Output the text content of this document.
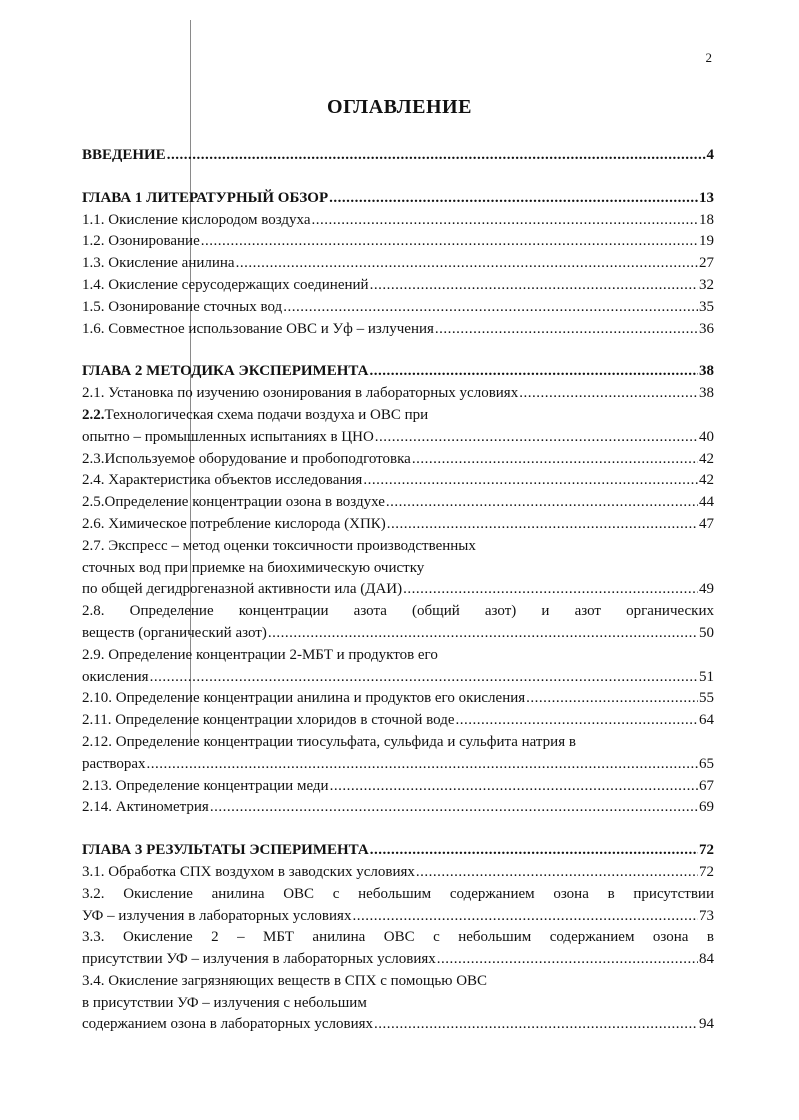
2
ОГЛАВЛЕНИЕ
ВВЕДЕНИЕ .....	4
ГЛАВА 1 ЛИТЕРАТУРНЫЙ ОБЗОР .....	13
1.1. Окисление кислородом воздуха .....	18
1.2. Озонирование .....	19
1.3. Окисление анилина .....	27
1.4. Окисление серусодержащих соединений .....	32
1.5. Озонирование сточных вод .....	35
1.6. Совместное использование ОВС и Уф – излучения .....	36
ГЛАВА 2 МЕТОДИКА ЭКСПЕРИМЕНТА .....	38
2.1. Установка по изучению озонирования в лабораторных условиях .....	38
2.2.Технологическая схема подачи воздуха и ОВС при
опытно – промышленных испытаниях в ЦНО .....	40
2.3.Используемое оборудование и пробоподготовка .....	42
2.4. Характеристика объектов исследования .....	42
2.5.Определение концентрации озона в воздухе .....	44
2.6. Химическое потребление кислорода (ХПК) .....	47
2.7. Экспресс – метод оценки токсичности производственных
сточных вод при приемке на биохимическую очистку
по общей дегидрогеназной активности ила (ДАИ) .....	49
2.8. Определение концентрации азота (общий азот) и азот органических
веществ (органический азот) .....	50
2.9. Определение концентрации 2-МБТ и продуктов его
окисления .....	51
2.10. Определение концентрации анилина и продуктов его окисления .....	55
2.11. Определение концентрации хлоридов в сточной воде .....	64
2.12. Определение концентрации тиосульфата, сульфида и сульфита натрия в
растворах .....	65
2.13. Определение концентрации меди .....	67
2.14. Актинометрия .....	69
ГЛАВА 3 РЕЗУЛЬТАТЫ ЭСПЕРИМЕНТА .....	72
3.1. Обработка СПХ воздухом в заводских условиях .....	72
3.2. Окисление анилина ОВС с небольшим содержанием озона в присутствии
УФ – излучения в лабораторных условиях .....	73
3.3. Окисление 2 – МБТ анилина ОВС с небольшим содержанием озона в
присутствии УФ – излучения в лабораторных условиях .....	84
3.4. Окисление загрязняющих веществ в СПХ с помощью ОВС
в присутствии УФ – излучения с небольшим
содержанием озона в лабораторных условиях .....	94
